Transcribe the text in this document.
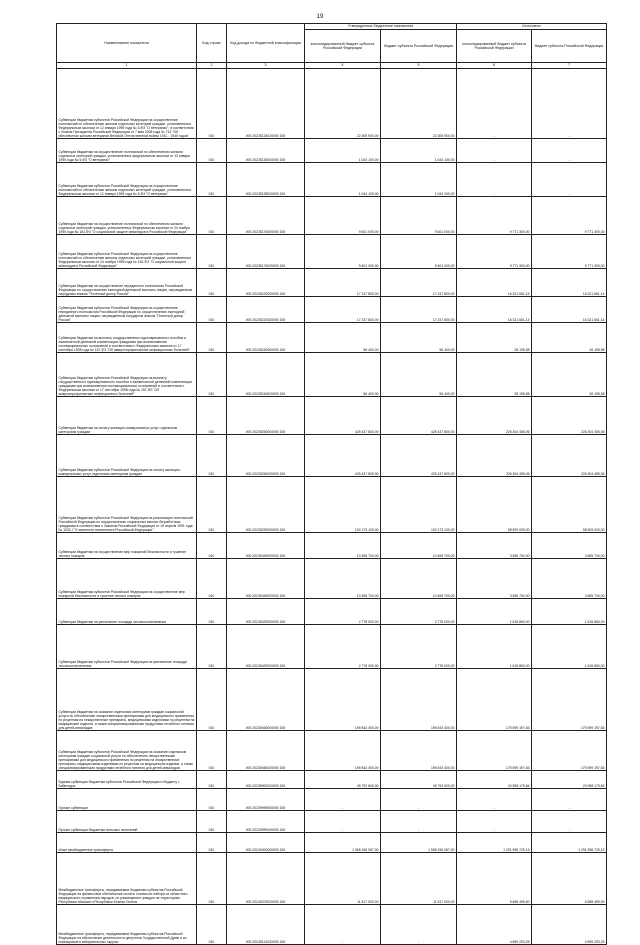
19
Наименование показателя	Код строки	Код дохода по бюджетной классификации	Утвержденные бюджетные назначения		Исполнено	
			консолидированный бюджет субъекта Российской Федерации	бюджет субъекта Российской Федерации	консолидированный бюджет субъекта Российской Федерации	бюджет субъекта Российской Федерации
1	2	3	4	5	6	7
Субвенции бюджетам субъектов Российской Федерации на осуществление полномочий по обеспечению жильем отдельных категорий граждан, установленных Федеральным законом от 12 января 1995 года № 5-ФЗ "О ветеранах", в соответствии с Указом Президента Российской Федерации от 7 мая 2008 года № 714 "Об обеспечении жильем ветеранов Великой Отечественной войны 1941 - 1945 годов"	010	000 20235134020000 150	22 305 900,00	22 305 900,00	-	-
Субвенции бюджетам на осуществление полномочий по обеспечению жильем отдельных категорий граждан, установленных федеральным законом от 12 января 1995 года № 5-ФЗ "О ветеранах"	010	000 20235135000000 150	1 044 100,00	1 044 100,00	-	-
Субвенции бюджетам субъектов Российской Федерации на осуществление полномочий по обеспечению жильем отдельных категорий граждан, установленных Федеральным законом от 12 января 1995 года № 5-ФЗ "О ветеранах"	010	000 20235135020000 150	1 044 100,00	1 044 100,00	-	-
Субвенции бюджетам на осуществление полномочий по обеспечению жильем отдельных категорий граждан, установленных Федеральным законом от 24 ноября 1995 года № 181-ФЗ "О социальной защите инвалидов в Российской Федерации"	010	000 20235176000000 150	9 601 000,00	9 601 000,00	9 771 300,00	9 771 300,00
Субвенции бюджетам субъектов Российской Федерации на осуществление полномочий по обеспечению жильем отдельных категорий граждан, установленных Федеральным законом от 24 ноября 1995 года № 181-ФЗ "О социальной защите инвалидов в Российской Федерации"	010	000 20235176020000 150	9 601 000,00	9 601 000,00	9 771 300,00	9 771 300,00
Субвенции бюджетам на осуществление переданного полномочия Российской Федерации по осуществлению ежегодной денежной выплаты лицам, награжденным нагрудным знаком "Почетный донор России"	010	000 20235220000000 150	17 247 800,00	17 247 800,00	16 321 661,14	16 321 661,14
Субвенции бюджетам субъектов Российской Федерации на осуществление переданного полномочия Российской Федерации по осуществлению ежегодной денежной выплаты лицам, награжденным нагрудным знаком "Почетный донор России"	010	000 20235220020000 150	17 247 800,00	17 247 800,00	16 321 661,14	16 321 661,14
Субвенции бюджетам на выплату государственного единовременного пособия и ежемесячной денежной компенсации гражданам при возникновении поствакцинальных осложнений в соответствии с Федеральным законом от 17 сентября 1998 года № 157-ФЗ "Об иммунопрофилактике инфекционных болезней"	010	000 20235240000000 150	56 400,00	56 400,00	28 195,58	28 195,58
Субвенции бюджетам субъектов Российской Федерации на выплату государственного единовременного пособия и ежемесячной денежной компенсации гражданам при возникновении поствакцинальных осложнений в соответствии с Федеральным законом от 17 сентября 1998 года № 157-ФЗ "Об иммунопрофилактике инфекционных болезней"	010	000 20235240020000 150	56 400,00	56 400,00	28 195,58	28 195,58
Субвенции бюджетам на оплату жилищно-коммунальных услуг отдельным категориям граждан	010	000 20235250000000 150	425 437 800,00	425 437 800,00	226 304 455,06	226 304 455,06
Субвенции бюджетам субъектов Российской Федерации на оплату жилищно-коммунальных услуг отдельным категориям граждан	010	000 20235250020000 150	425 437 800,00	425 437 800,00	226 304 455,06	226 304 455,06
Субвенции бюджетам субъектов Российской Федерации на реализацию полномочий Российской Федерации по осуществлению социальных выплат безработным гражданам в соответствии с Законом Российской Федерации от 19 апреля 1991 года № 1032-I "О занятости населения в Российской Федерации"	010	000 20235290020000 150	192 173 100,00	192 173 100,00	58 509 000,00	58 509 000,00
Субвенции бюджетам на осуществление мер пожарной безопасности и тушение лесных пожаров	010	000 20235345000000 150	10 455 700,00	10 455 700,00	3 655 700,00	3 655 700,00
Субвенции бюджетам субъектов Российской Федерации на осуществление мер пожарной безопасности и тушение лесных пожаров	010	000 20235345020000 150	10 455 700,00	10 455 700,00	3 655 700,00	3 655 700,00
Субвенции бюджетам на увеличение площади лесовосстановления	010	000 20235429000000 150	2 778 000,00	2 778 000,00	1 615 860,00	1 615 860,00
Субвенции бюджетам субъектов Российской Федерации на увеличение площади лесовосстановления	010	000 20235429020000 150	2 778 000,00	2 778 000,00	1 615 860,00	1 615 860,00
Субвенции бюджетам на оказание отдельным категориям граждан социальной услуги по обеспечению лекарственными препаратами для медицинского применения по рецептам на лекарственные препараты, медицинскими изделиями по рецептам на медицинские изделия, а также специализированными продуктами лечебного питания для детей-инвалидов	010	000 20235460000000 150	195 543 400,00	195 543 400,00	179 599 197,83	179 599 197,83
Субвенции бюджетам субъектов Российской Федерации на оказание отдельным категориям граждан социальной услуги по обеспечению лекарственными препаратами для медицинского применения по рецептам на лекарственные препараты, медицинскими изделиями по рецептам на медицинские изделия, а также специализированными продуктами лечебного питания для детей-инвалидов	010	000 20235460020000 150	195 543 400,00	195 543 400,00	179 599 197,83	179 599 197,83
Единая субвенция бюджетам субъектов Российской Федерации и бюджету г. Байконура	010	000 20235900020000 150	49 792 600,00	49 792 600,00	20 958 179,84	20 958 179,84
Прочие субвенции	010	000 20239999000000 150	-	-	-	-
Прочие субвенции бюджетам сельских поселений	010	000 20239999100000 150	-	-	-	-
Иные межбюджетные трансферты	010	000 20240000000000 150	1 965 196 087,00	1 965 196 087,00	1 291 998 729,19	1 291 998 729,19
Межбюджетные трансферты, передаваемые бюджетам субъектов Российской Федерации на финансовое обеспечение оплаты стоимости набора из областного медицинского отравления народов, по размещению граждан на территориях Республики Абхазия и Республики Южная Осетия	010	000 20245379020000 150	11 517 000,00	11 517 000,00	5 658 459,50	5 658 459,50
Межбюджетные трансферты, передаваемые бюджетам субъектов Российской Федерации на обеспечение деятельности депутатов Государственной Думы и их помощников в избирательных округах	010	000 20245141020000 150	-	-	4 699 293,25	4 699 293,25
